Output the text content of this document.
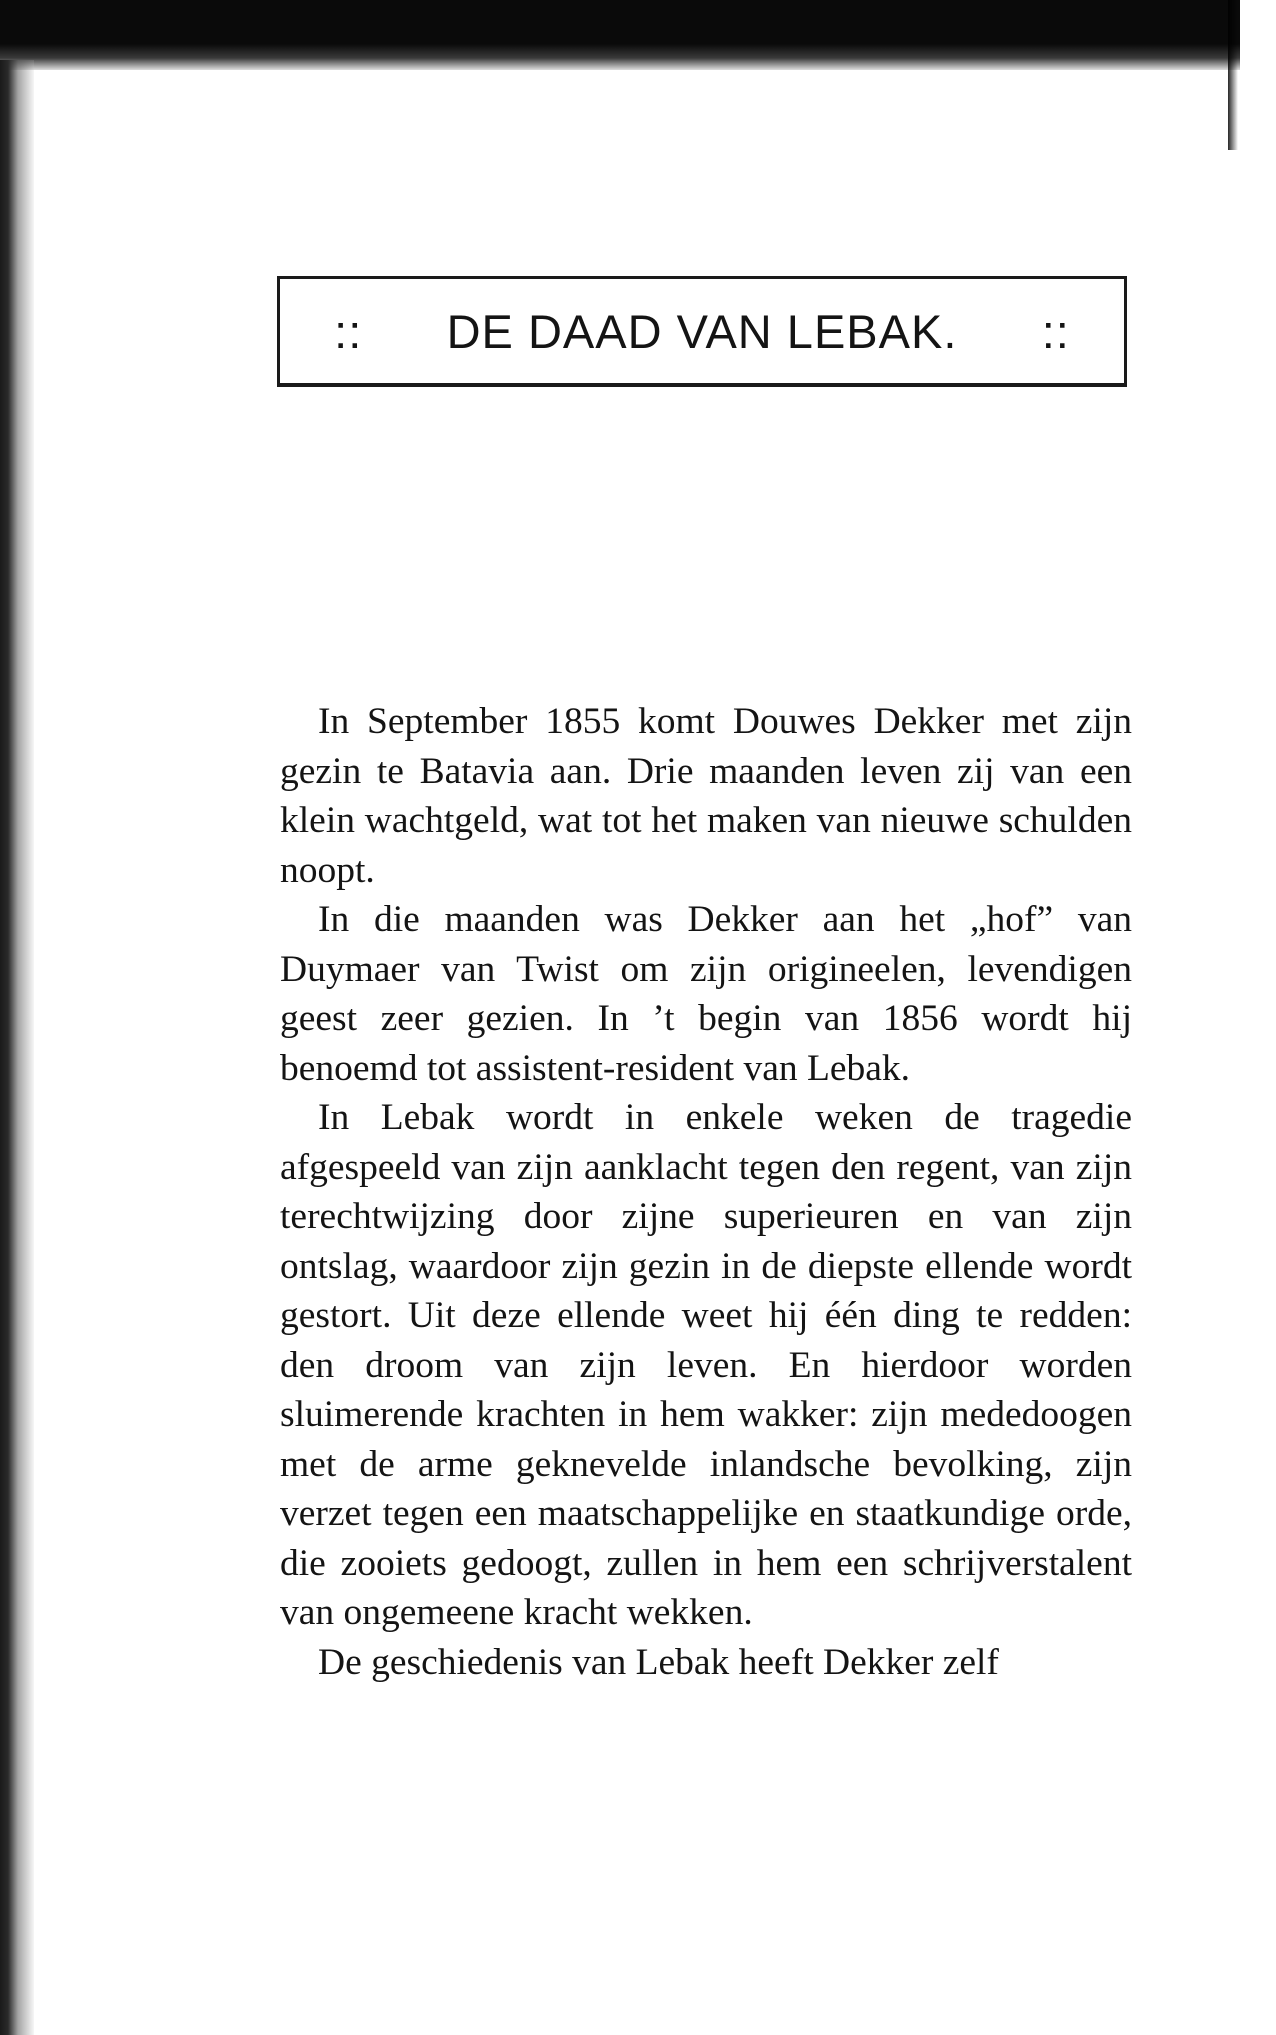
::      DE DAAD VAN LEBAK.      ::

In September 1855 komt Douwes Dekker met zijn gezin te Batavia aan. Drie maanden leven zij van een klein wachtgeld, wat tot het maken van nieuwe schulden noopt.

In die maanden was Dekker aan het „hof” van Duymaer van Twist om zijn origineelen, levendigen geest zeer gezien. In ’t begin van 1856 wordt hij benoemd tot assistent-resident van Lebak.

In Lebak wordt in enkele weken de tragedie afgespeeld van zijn aanklacht tegen den regent, van zijn terechtwijzing door zijne superieuren en van zijn ontslag, waardoor zijn gezin in de diepste ellende wordt gestort. Uit deze ellende weet hij één ding te redden: den droom van zijn leven. En hierdoor worden sluimerende krachten in hem wakker: zijn mededoogen met de arme geknevelde inlandsche bevolking, zijn verzet tegen een maatschappelijke en staatkundige orde, die zooiets gedoogt, zullen in hem een schrijverstalent van ongemeene kracht wekken.

De geschiedenis van Lebak heeft Dekker zelf
